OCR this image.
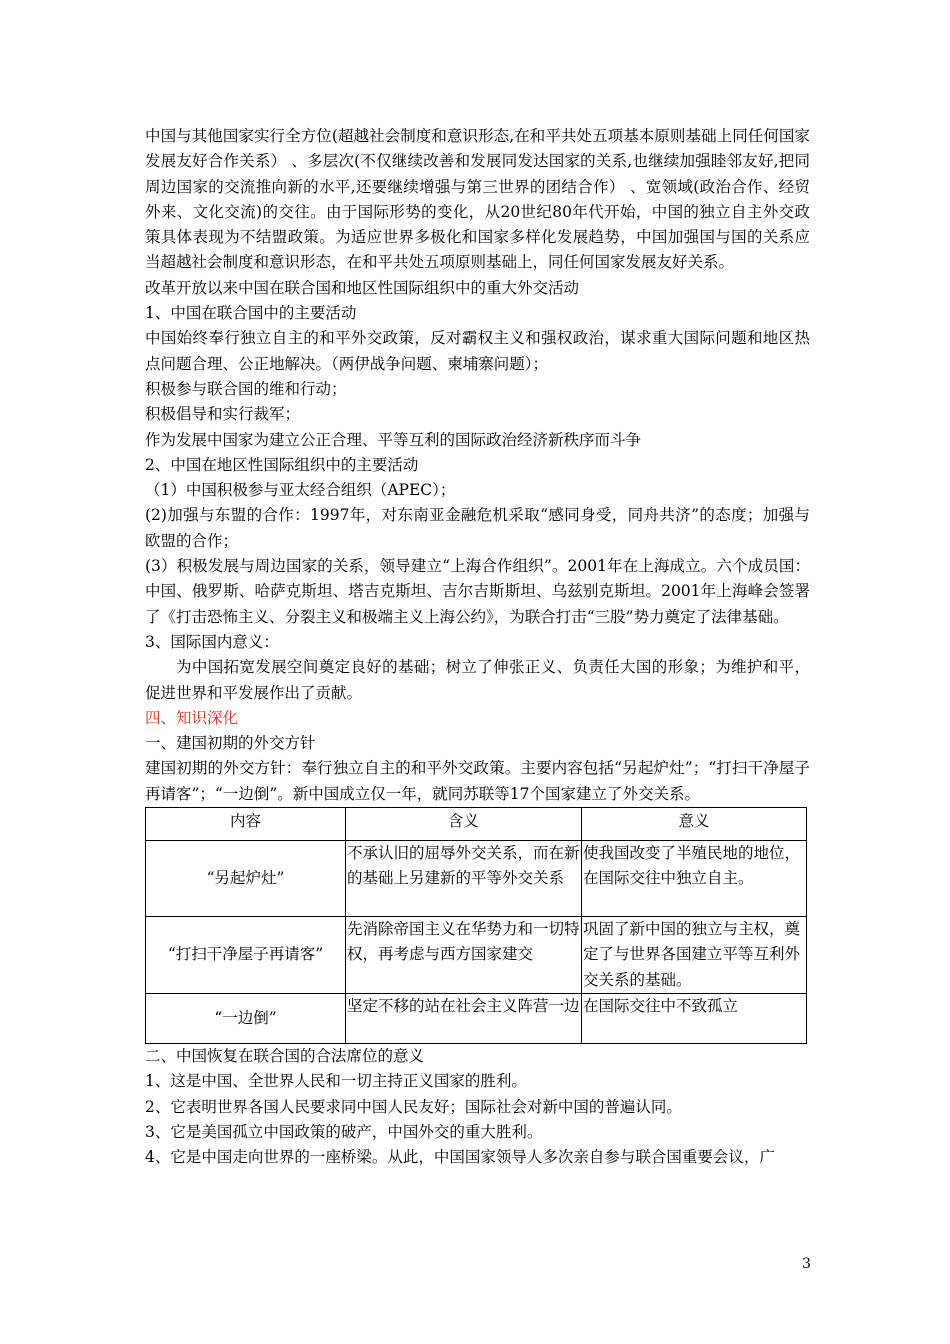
中国与其他国家实行全方位(超越社会制度和意识形态,在和平共处五项基本原则基础上同任何国家发展友好合作关系） 、多层次(不仅继续改善和发展同发达国家的关系,也继续加强睦邻友好,把同周边国家的交流推向新的水平,还要继续增强与第三世界的团结合作） 、宽领域(政治合作、经贸外来、文化交流)的交往。由于国际形势的变化，从20世纪80年代开始，中国的独立自主外交政策具体表现为不结盟政策。为适应世界多极化和国家多样化发展趋势，中国加强国与国的关系应当超越社会制度和意识形态，在和平共处五项原则基础上，同任何国家发展友好关系。

改革开放以来中国在联合国和地区性国际组织中的重大外交活动

1、中国在联合国中的主要活动

中国始终奉行独立自主的和平外交政策，反对霸权主义和强权政治，谋求重大国际问题和地区热点问题合理、公正地解决。（两伊战争问题、柬埔寨问题）；

积极参与联合国的维和行动；

积极倡导和实行裁军；

作为发展中国家为建立公正合理、平等互利的国际政治经济新秩序而斗争

2、中国在地区性国际组织中的主要活动

（1）中国积极参与亚太经合组织（APEC）；

(2)加强与东盟的合作：1997年，对东南亚金融危机采取“感同身受，同舟共济”的态度；加强与欧盟的合作；

(3）积极发展与周边国家的关系，领导建立“上海合作组织”。2001年在上海成立。六个成员国：中国、俄罗斯、哈萨克斯坦、塔吉克斯坦、吉尔吉斯斯坦、乌兹别克斯坦。2001年上海峰会签署了《打击恐怖主义、分裂主义和极端主义上海公约》，为联合打击“三股”势力奠定了法律基础。

3、国际国内意义：

为中国拓宽发展空间奠定良好的基础；树立了伸张正义、负责任大国的形象；为维护和平，促进世界和平发展作出了贡献。

四、知识深化

一、建国初期的外交方针

建国初期的外交方针：奉行独立自主的和平外交政策。主要内容包括“另起炉灶”；“打扫干净屋子再请客”；“一边倒”。新中国成立仅一年，就同苏联等17个国家建立了外交关系。

内容	含义	意义
“另起炉灶”	不承认旧的屈辱外交关系，而在新的基础上另建新的平等外交关系	使我国改变了半殖民地的地位，在国际交往中独立自主。
“打扫干净屋子再请客”	先消除帝国主义在华势力和一切特权，再考虑与西方国家建交	巩固了新中国的独立与主权，奠定了与世界各国建立平等互利外交关系的基础。
“一边倒”	坚定不移的站在社会主义阵营一边	在国际交往中不致孤立

二、中国恢复在联合国的合法席位的意义

1、这是中国、全世界人民和一切主持正义国家的胜利。

2、它表明世界各国人民要求同中国人民友好；国际社会对新中国的普遍认同。

3、它是美国孤立中国政策的破产，中国外交的重大胜利。

4、它是中国走向世界的一座桥梁。从此，中国国家领导人多次亲自参与联合国重要会议，广

3
